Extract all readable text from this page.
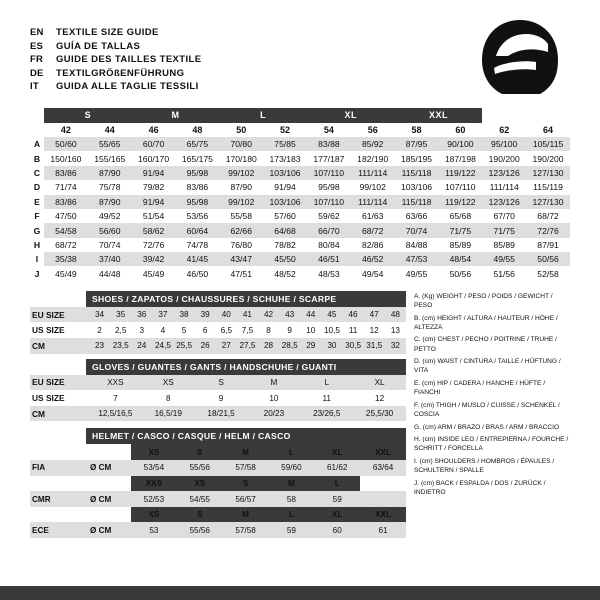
EN	TEXTILE SIZE GUIDE
ES	GUÍA DE TALLAS
FR	GUIDE DES TAILLES TEXTILE
DE	TEXTILGRÖßENFÜHRUNG
IT	GUIDA ALLE TAGLIE TESSILI
	S		M		L		XL		XXL			
	42	44	46	48	50	52	54	56	58	60	62	64
A	50/60	55/65	60/70	65/75	70/80	75/85	83/88	85/92	87/95	90/100	95/100	105/115
B	150/160	155/165	160/170	165/175	170/180	173/183	177/187	182/190	185/195	187/198	190/200	190/200
C	83/86	87/90	91/94	95/98	99/102	103/106	107/110	111/114	115/118	119/122	123/126	127/130
D	71/74	75/78	79/82	83/86	87/90	91/94	95/98	99/102	103/106	107/110	111/114	115/119
E	83/86	87/90	91/94	95/98	99/102	103/106	107/110	111/114	115/118	119/122	123/126	127/130
F	47/50	49/52	51/54	53/56	55/58	57/60	59/62	61/63	63/66	65/68	67/70	68/72
G	54/58	56/60	58/62	60/64	62/66	64/68	66/70	68/72	70/74	71/75	71/75	72/76
H	68/72	70/74	72/76	74/78	76/80	78/82	80/84	82/86	84/88	85/89	85/89	87/91
I	35/38	37/40	39/42	41/45	43/47	45/50	46/51	46/52	47/53	48/54	49/55	50/56
J	45/49	44/48	45/49	46/50	47/51	48/52	48/53	49/54	49/55	50/56	51/56	52/58
SHOES / ZAPATOS / CHAUSSURES / SCHUHE / SCARPE
EU SIZE	34	35	36	37	38	39	40	41	42	43	44	45	46	47	48
US SIZE	2	2,5	3	4	5	6	6,5	7,5	8	9	10	10,5	11	12	13
CM	23	23,5	24	24,5	25,5	26	27	27,5	28	28,5	29	30	30,5	31,5	32
GLOVES / GUANTES / GANTS / HANDSCHUHE / GUANTI
EU SIZE	XXS	XS	S	M	L	XL
US SIZE	7	8	9	10	11	12
CM	12,5/16,5	16,5/19	18/21,5	20/23	23/26,5	25,5/30
HELMET / CASCO / CASQUE / HELM / CASCO
		XS	S	M	L	XL	XXL
FIA	Ø CM	53/54	55/56	57/58	59/60	61/62	63/64
		XXS	XS	S	M	L	
CMR	Ø CM	52/53	54/55	56/57	58	59	
		XS	S	M	L	XL	XXL
ECE	Ø CM	53	55/56	57/58	59	60	61

A. (Kg) WEIGHT / PESO / POIDS / GEWICHT / PESO

B. (cm) HEIGHT / ALTURA / HAUTEUR / HÖHE / ALTEZZA

C. (cm) CHEST / PECHO / POITRINE / TRUHE / PETTO

D. (cm) WAIST / CINTURA / TAILLE / HÜFTUNG / VITA

E. (cm) HIP / CADERA / HANCHE / HÜFTE / FIANCHI

F. (cm) THIGH / MUSLO / CUISSE / SCHENKEL / COSCIA

G. (cm) ARM / BRAZO / BRAS / ARM / BRACCIO

H. (cm) INSIDE LEG / ENTREPIERNA / FOURCHE / SCHRITT / FORCELLA

I. (cm) SHOULDERS / HOMBROS / ÉPAULES / SCHULTERN / SPALLE

J. (cm) BACK / ESPALDA / DOS / ZURÜCK / INDIETRO
